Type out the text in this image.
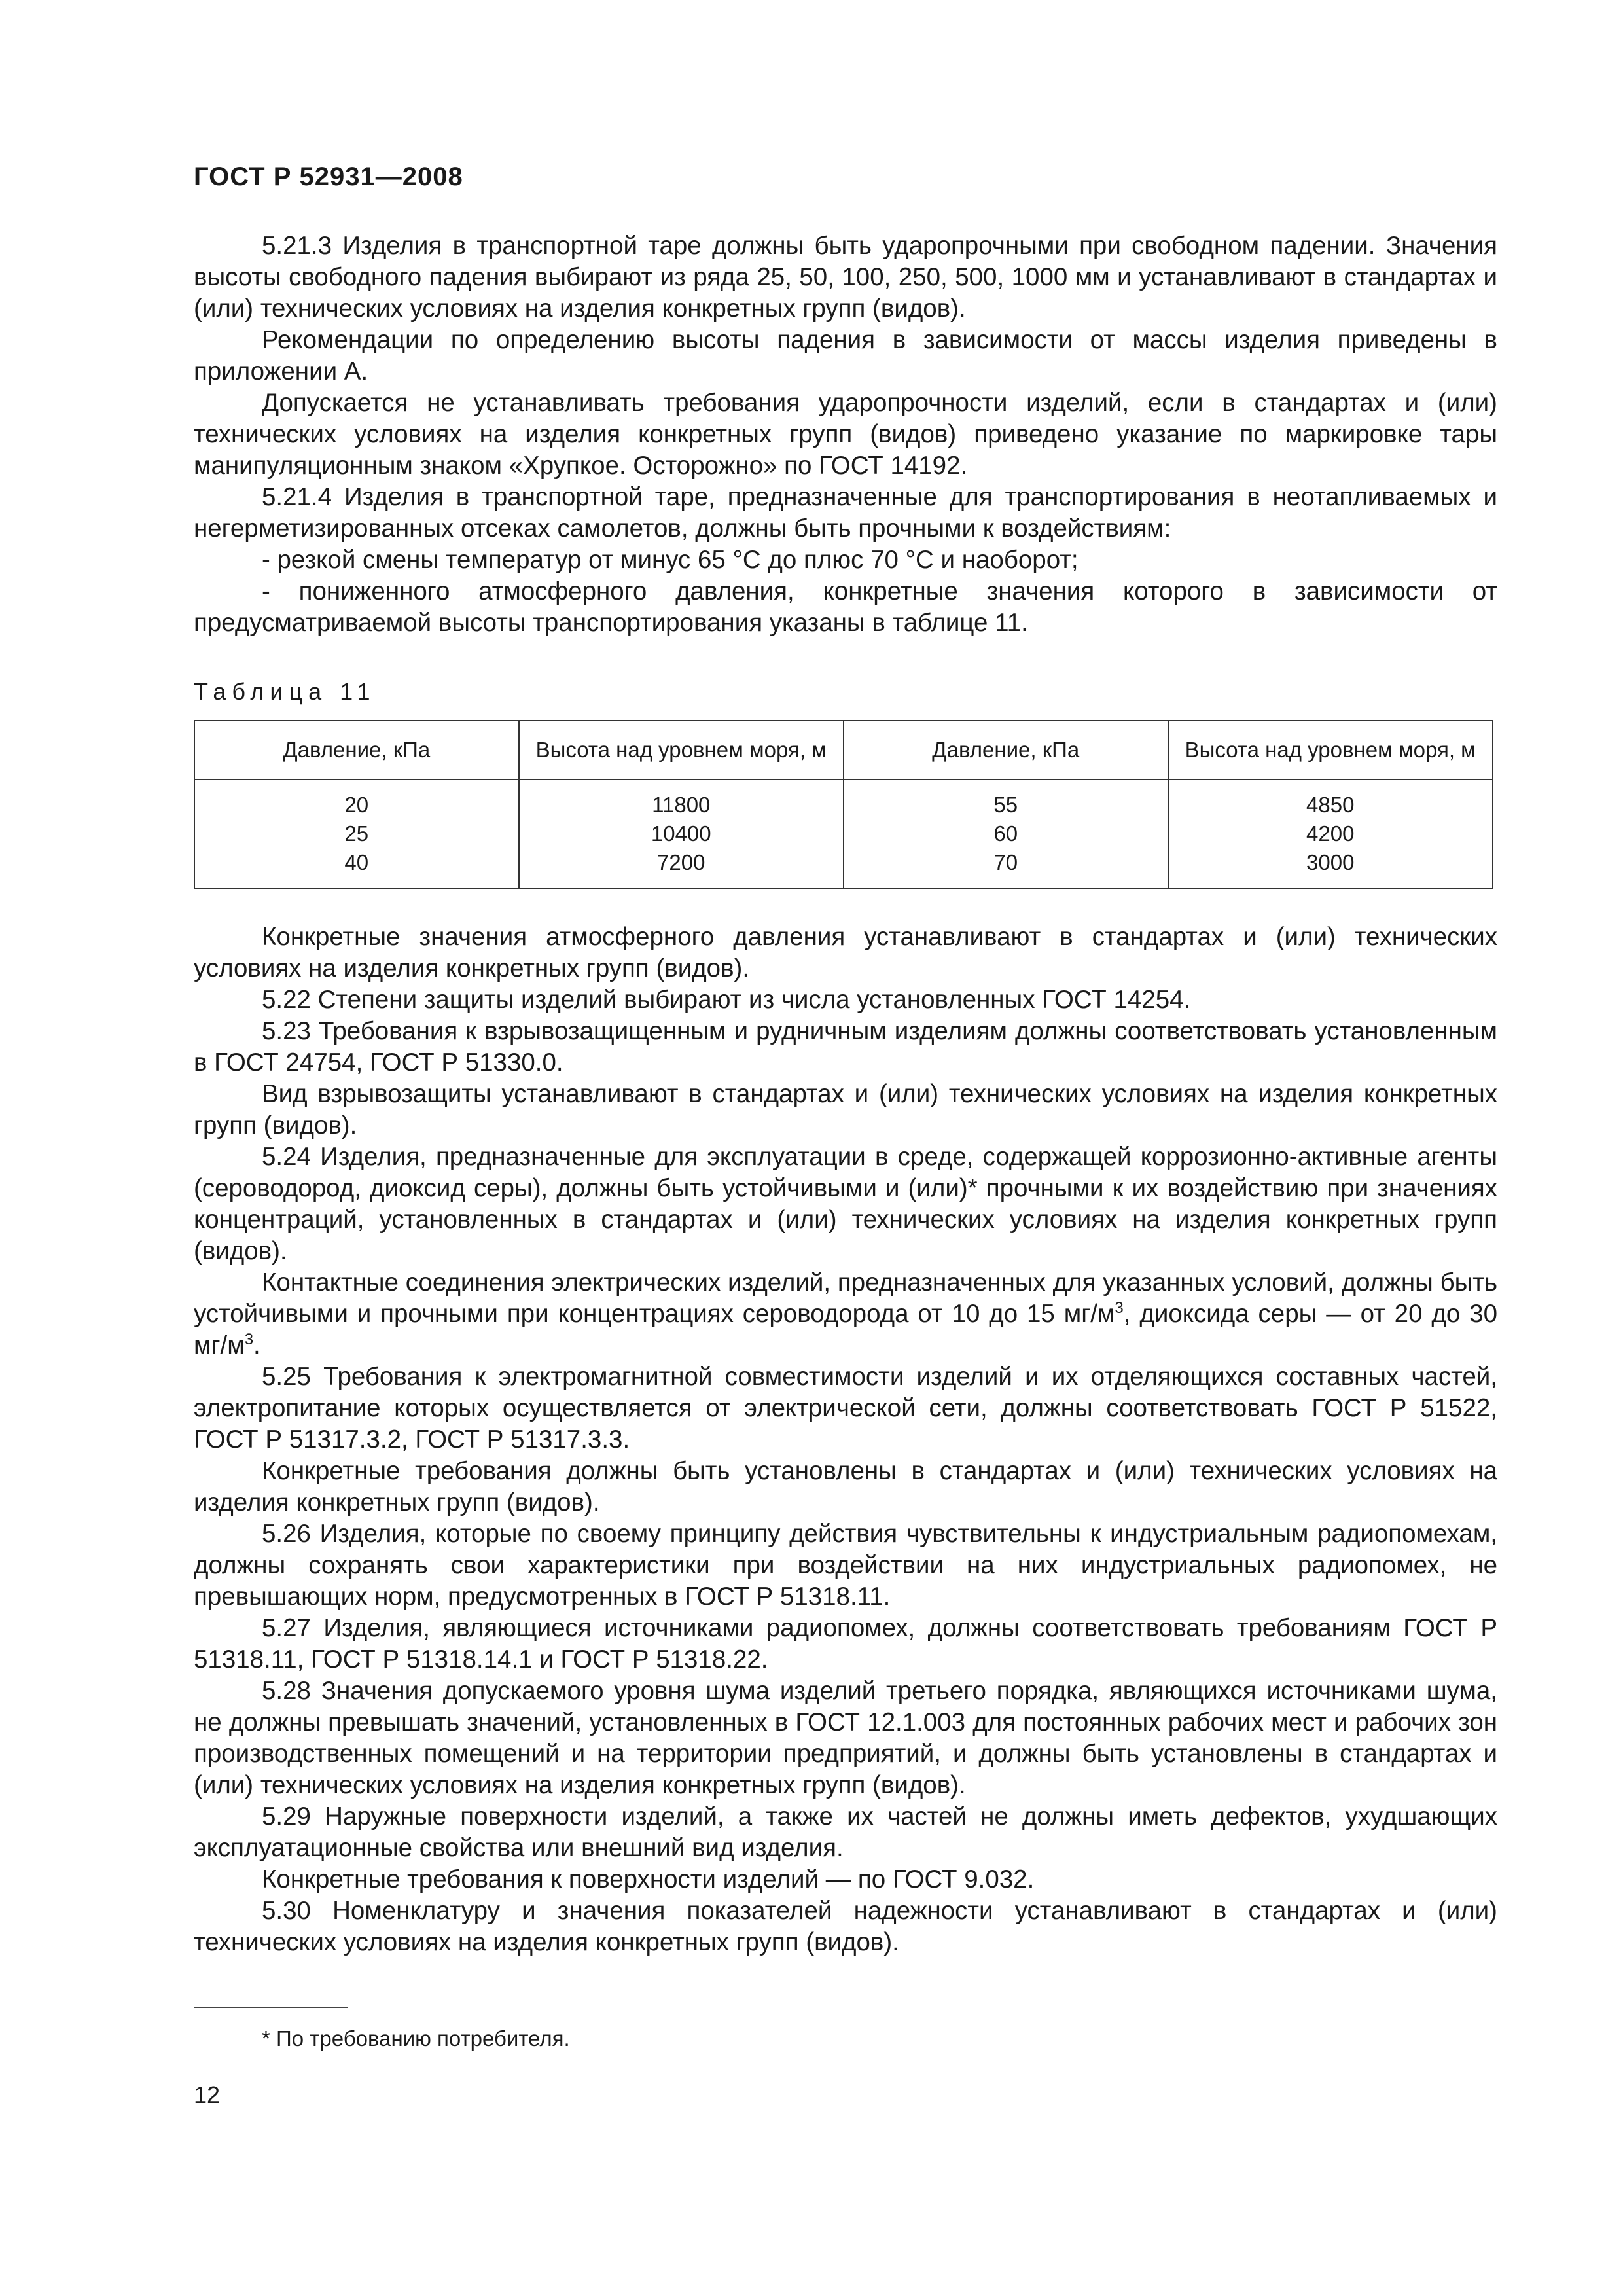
ГОСТ Р 52931—2008

5.21.3 Изделия в транспортной таре должны быть ударопрочными при свободном падении. Значения высоты свободного падения выбирают из ряда 25, 50, 100, 250, 500, 1000 мм и устанавливают в стандартах и (или) технических условиях на изделия конкретных групп (видов).

Рекомендации по определению высоты падения в зависимости от массы изделия приведены в приложении А.

Допускается не устанавливать требования ударопрочности изделий, если в стандартах и (или) технических условиях на изделия конкретных групп (видов) приведено указание по маркировке тары манипуляционным знаком «Хрупкое. Осторожно» по ГОСТ 14192.

5.21.4 Изделия в транспортной таре, предназначенные для транспортирования в неотапливаемых и негерметизированных отсеках самолетов, должны быть прочными к воздействиям:

- резкой смены температур от минус 65 °С до плюс 70 °С и наоборот;

- пониженного атмосферного давления, конкретные значения которого в зависимости от предусматриваемой высоты транспортирования указаны в таблице 11.

Таблица 11
Давление, кПа	Высота над уровнем моря, м	Давление, кПа	Высота над уровнем моря, м
20	11800	55	4850
25	10400	60	4200
40	7200	70	3000

Конкретные значения атмосферного давления устанавливают в стандартах и (или) технических условиях на изделия конкретных групп (видов).

5.22 Степени защиты изделий выбирают из числа установленных ГОСТ 14254.

5.23 Требования к взрывозащищенным и рудничным изделиям должны соответствовать установленным в ГОСТ 24754, ГОСТ Р 51330.0.

Вид взрывозащиты устанавливают в стандартах и (или) технических условиях на изделия конкретных групп (видов).

5.24 Изделия, предназначенные для эксплуатации в среде, содержащей коррозионно-активные агенты (сероводород, диоксид серы), должны быть устойчивыми и (или)* прочными к их воздействию при значениях концентраций, установленных в стандартах и (или) технических условиях на изделия конкретных групп (видов).

Контактные соединения электрических изделий, предназначенных для указанных условий, должны быть устойчивыми и прочными при концентрациях сероводорода от 10 до 15 $мг/м^3$, диоксида серы — от 20 до 30 $мг/м^3$.

5.25 Требования к электромагнитной совместимости изделий и их отделяющихся составных частей, электропитание которых осуществляется от электрической сети, должны соответствовать ГОСТ Р 51522, ГОСТ Р 51317.3.2, ГОСТ Р 51317.3.3.

Конкретные требования должны быть установлены в стандартах и (или) технических условиях на изделия конкретных групп (видов).

5.26 Изделия, которые по своему принципу действия чувствительны к индустриальным радиопомехам, должны сохранять свои характеристики при воздействии на них индустриальных радиопомех, не превышающих норм, предусмотренных в ГОСТ Р 51318.11.

5.27 Изделия, являющиеся источниками радиопомех, должны соответствовать требованиям ГОСТ Р 51318.11, ГОСТ Р 51318.14.1 и ГОСТ Р 51318.22.

5.28 Значения допускаемого уровня шума изделий третьего порядка, являющихся источниками шума, не должны превышать значений, установленных в ГОСТ 12.1.003 для постоянных рабочих мест и рабочих зон производственных помещений и на территории предприятий, и должны быть установлены в стандартах и (или) технических условиях на изделия конкретных групп (видов).

5.29 Наружные поверхности изделий, а также их частей не должны иметь дефектов, ухудшающих эксплуатационные свойства или внешний вид изделия.

Конкретные требования к поверхности изделий — по ГОСТ 9.032.

5.30 Номенклатуру и значения показателей надежности устанавливают в стандартах и (или) технических условиях на изделия конкретных групп (видов).

* По требованию потребителя.
12
